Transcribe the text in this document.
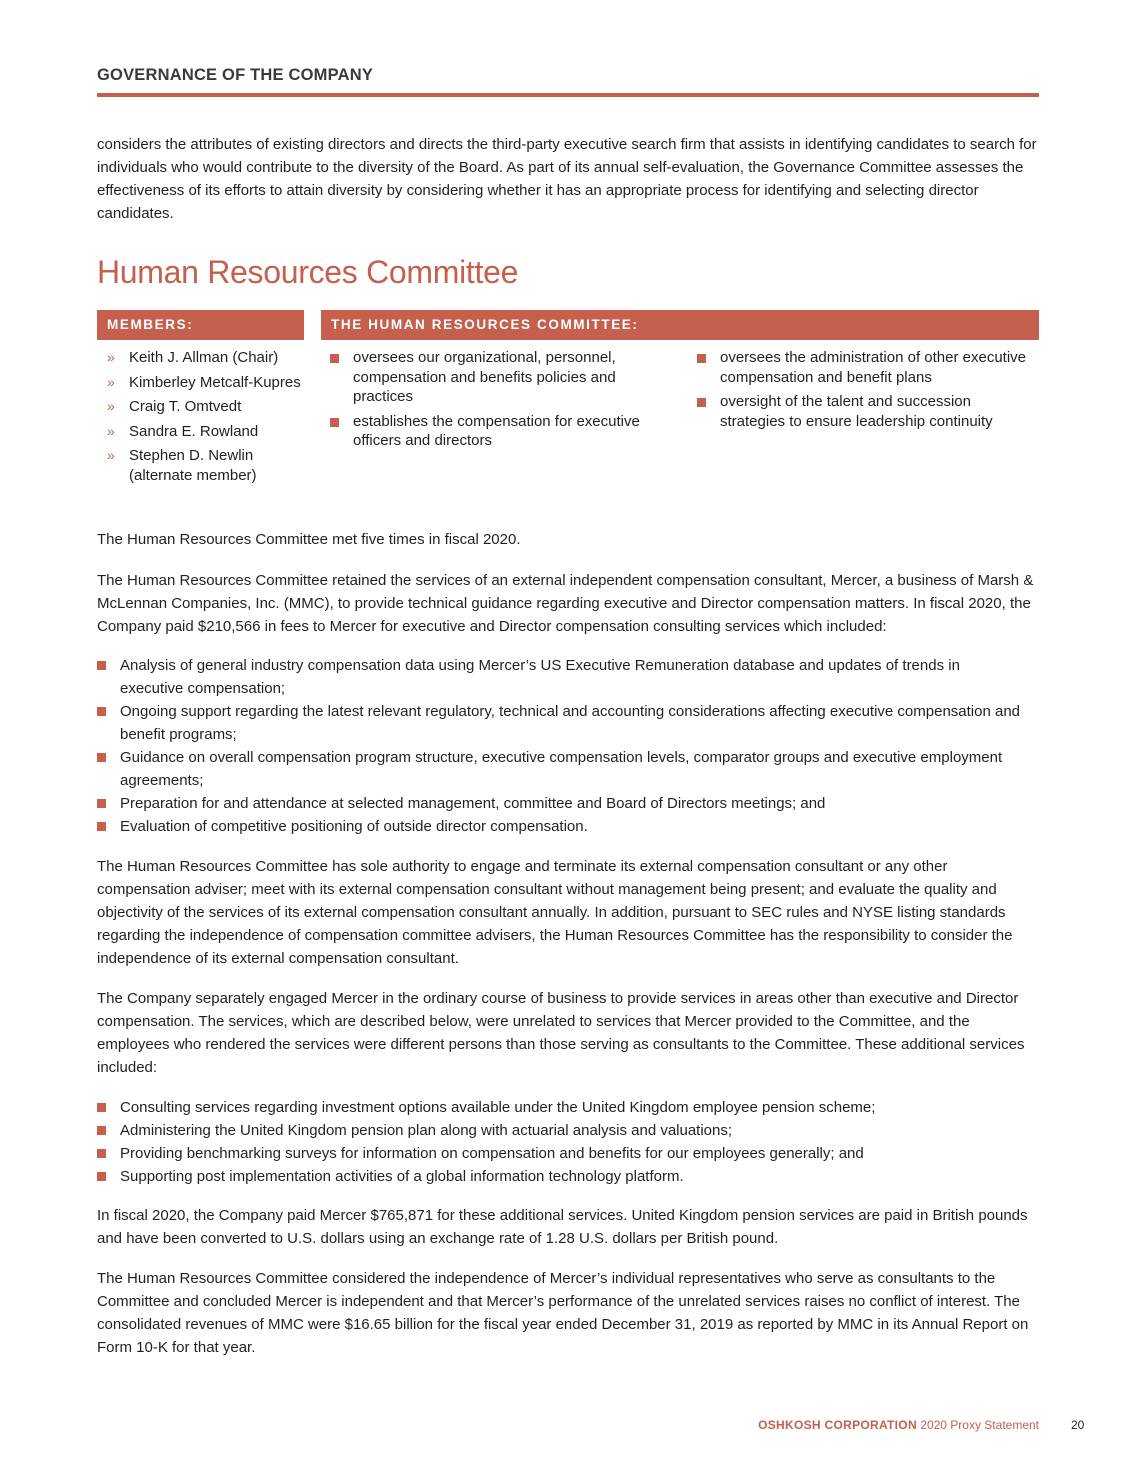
GOVERNANCE OF THE COMPANY

considers the attributes of existing directors and directs the third-party executive search firm that assists in identifying candidates to search for individuals who would contribute to the diversity of the Board. As part of its annual self-evaluation, the Governance Committee assesses the effectiveness of its efforts to attain diversity by considering whether it has an appropriate process for identifying and selecting director candidates.

Human Resources Committee
MEMBERS:	THE HUMAN RESOURCES COMMITTEE:
» Keith J. Allman (Chair)
» Kimberley Metcalf-Kupres
» Craig T. Omtvedt
» Sandra E. Rowland
» Stephen D. Newlin (alternate member)
oversees our organizational, personnel, compensation and benefits policies and practices
establishes the compensation for executive officers and directors
oversees the administration of other executive compensation and benefit plans
oversight of the talent and succession strategies to ensure leadership continuity

The Human Resources Committee met five times in fiscal 2020.

The Human Resources Committee retained the services of an external independent compensation consultant, Mercer, a business of Marsh & McLennan Companies, Inc. (MMC), to provide technical guidance regarding executive and Director compensation matters. In fiscal 2020, the Company paid $210,566 in fees to Mercer for executive and Director compensation consulting services which included:

Analysis of general industry compensation data using Mercer’s US Executive Remuneration database and updates of trends in executive compensation;
Ongoing support regarding the latest relevant regulatory, technical and accounting considerations affecting executive compensation and benefit programs;
Guidance on overall compensation program structure, executive compensation levels, comparator groups and executive employment agreements;
Preparation for and attendance at selected management, committee and Board of Directors meetings; and
Evaluation of competitive positioning of outside director compensation.

The Human Resources Committee has sole authority to engage and terminate its external compensation consultant or any other compensation adviser; meet with its external compensation consultant without management being present; and evaluate the quality and objectivity of the services of its external compensation consultant annually. In addition, pursuant to SEC rules and NYSE listing standards regarding the independence of compensation committee advisers, the Human Resources Committee has the responsibility to consider the independence of its external compensation consultant.

The Company separately engaged Mercer in the ordinary course of business to provide services in areas other than executive and Director compensation. The services, which are described below, were unrelated to services that Mercer provided to the Committee, and the employees who rendered the services were different persons than those serving as consultants to the Committee. These additional services included:

Consulting services regarding investment options available under the United Kingdom employee pension scheme;
Administering the United Kingdom pension plan along with actuarial analysis and valuations;
Providing benchmarking surveys for information on compensation and benefits for our employees generally; and
Supporting post implementation activities of a global information technology platform.

In fiscal 2020, the Company paid Mercer $765,871 for these additional services. United Kingdom pension services are paid in British pounds and have been converted to U.S. dollars using an exchange rate of 1.28 U.S. dollars per British pound.

The Human Resources Committee considered the independence of Mercer’s individual representatives who serve as consultants to the Committee and concluded Mercer is independent and that Mercer’s performance of the unrelated services raises no conflict of interest. The consolidated revenues of MMC were $16.65 billion for the fiscal year ended December 31, 2019 as reported by MMC in its Annual Report on Form 10-K for that year.

OSHKOSH CORPORATION 2020 Proxy Statement	20
